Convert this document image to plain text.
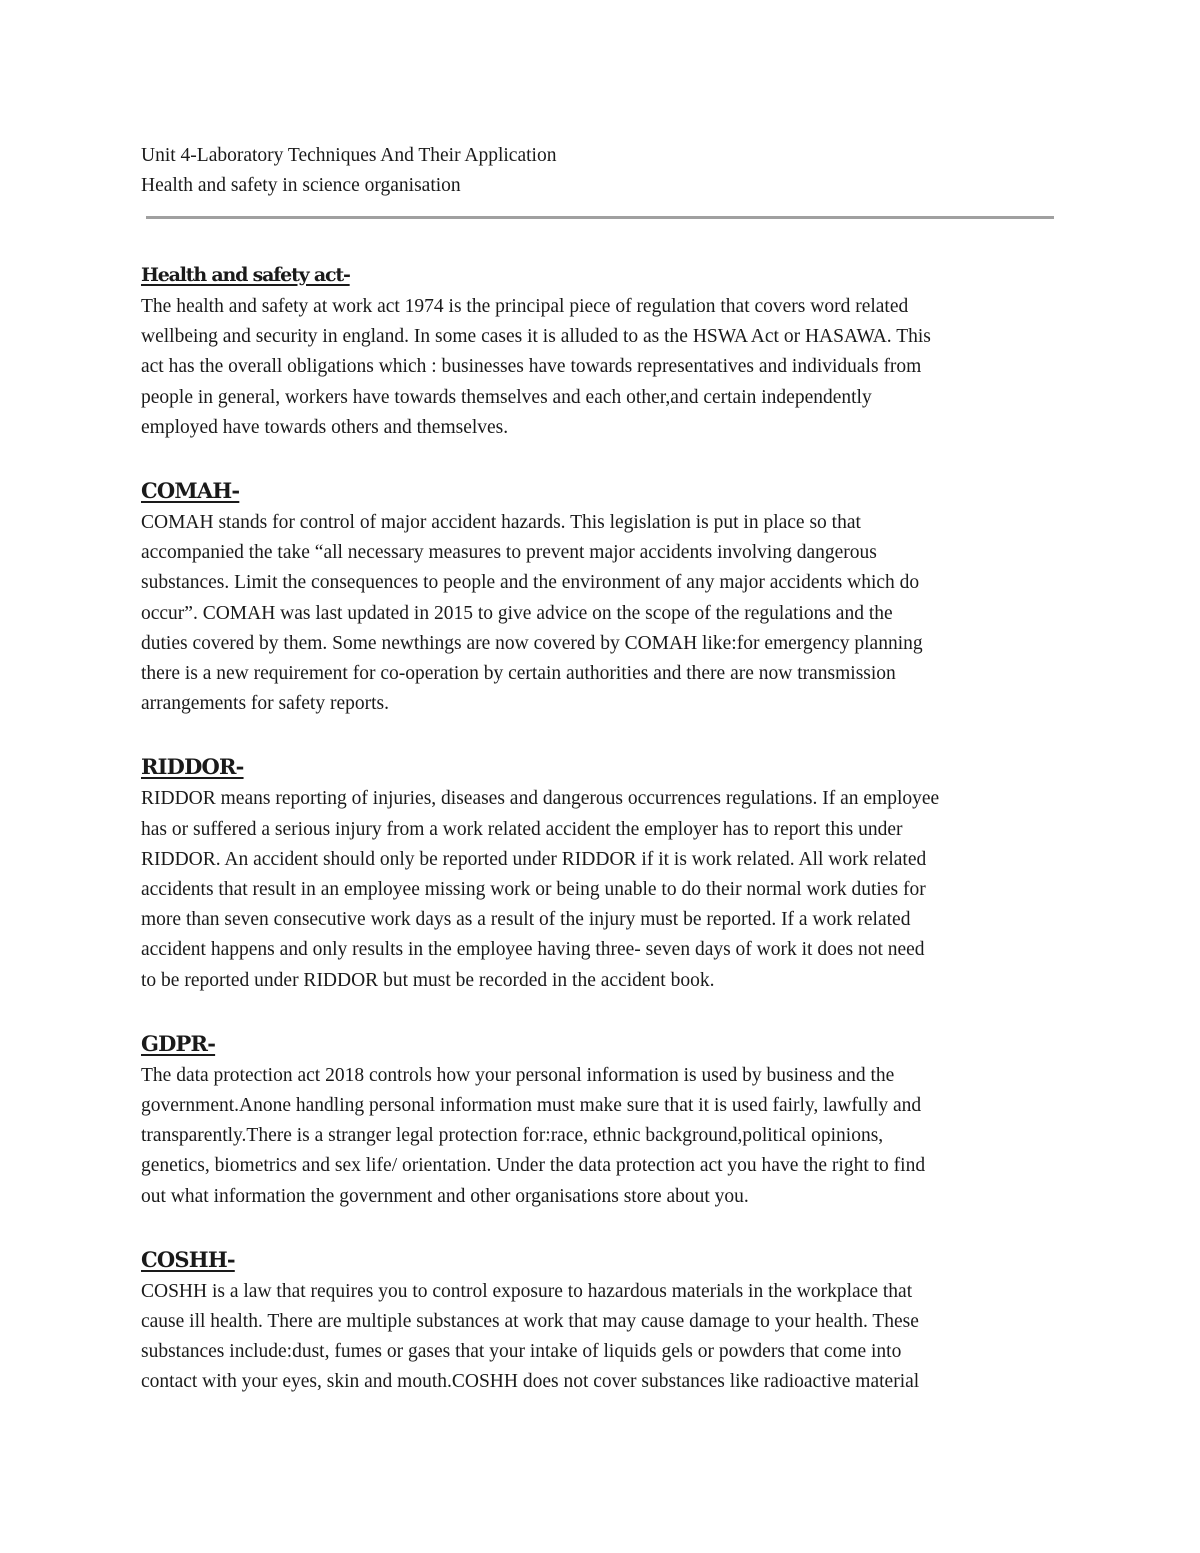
Unit 4-Laboratory Techniques And Their Application

Health and safety in science organisation

Health and safety act-

The health and safety at work act 1974 is the principal piece of regulation that covers word related

wellbeing and security in england. In some cases it is alluded to as the HSWA Act or HASAWA. This

act has the overall obligations which : businesses have towards representatives and individuals from

people in general, workers have towards themselves and each other,and certain independently

employed have towards others and themselves.

COMAH-

COMAH stands for control of major accident hazards. This legislation is put in place so that

accompanied the take “all necessary measures to prevent major accidents involving dangerous

substances. Limit the consequences to people and the environment of any major accidents which do

occur”. COMAH was last updated in 2015 to give advice on the scope of the regulations and the

duties covered by them. Some newthings are now covered by COMAH like:for emergency planning

there is a new requirement for co-operation by certain authorities and there are now transmission

arrangements for safety reports.

RIDDOR-

RIDDOR means reporting of injuries, diseases and dangerous occurrences regulations. If an employee

has or suffered a serious injury from a work related accident the employer has to report this under

RIDDOR. An accident should only be reported under RIDDOR if it is work related. All work related

accidents that result in an employee missing work or being unable to do their normal work duties for

more than seven consecutive work days as a result of the injury must be reported. If a work related

accident happens and only results in the employee having three- seven days of work it does not need

to be reported under RIDDOR but must be recorded in the accident book.

GDPR-

The data protection act 2018 controls how your personal information is used by business and the

government.Anone handling personal information must make sure that it is used fairly, lawfully and

transparently.There is a stranger legal protection for:race, ethnic background,political opinions,

genetics, biometrics and sex life/ orientation. Under the data protection act you have the right to find

out what information the government and other organisations store about you.

COSHH-

COSHH is a law that requires you to control exposure to hazardous materials in the workplace that

cause ill health. There are multiple substances at work that may cause damage to your health. These

substances include:dust, fumes or gases that your intake of liquids gels or powders that come into

contact with your eyes, skin and mouth.COSHH does not cover substances like radioactive material
